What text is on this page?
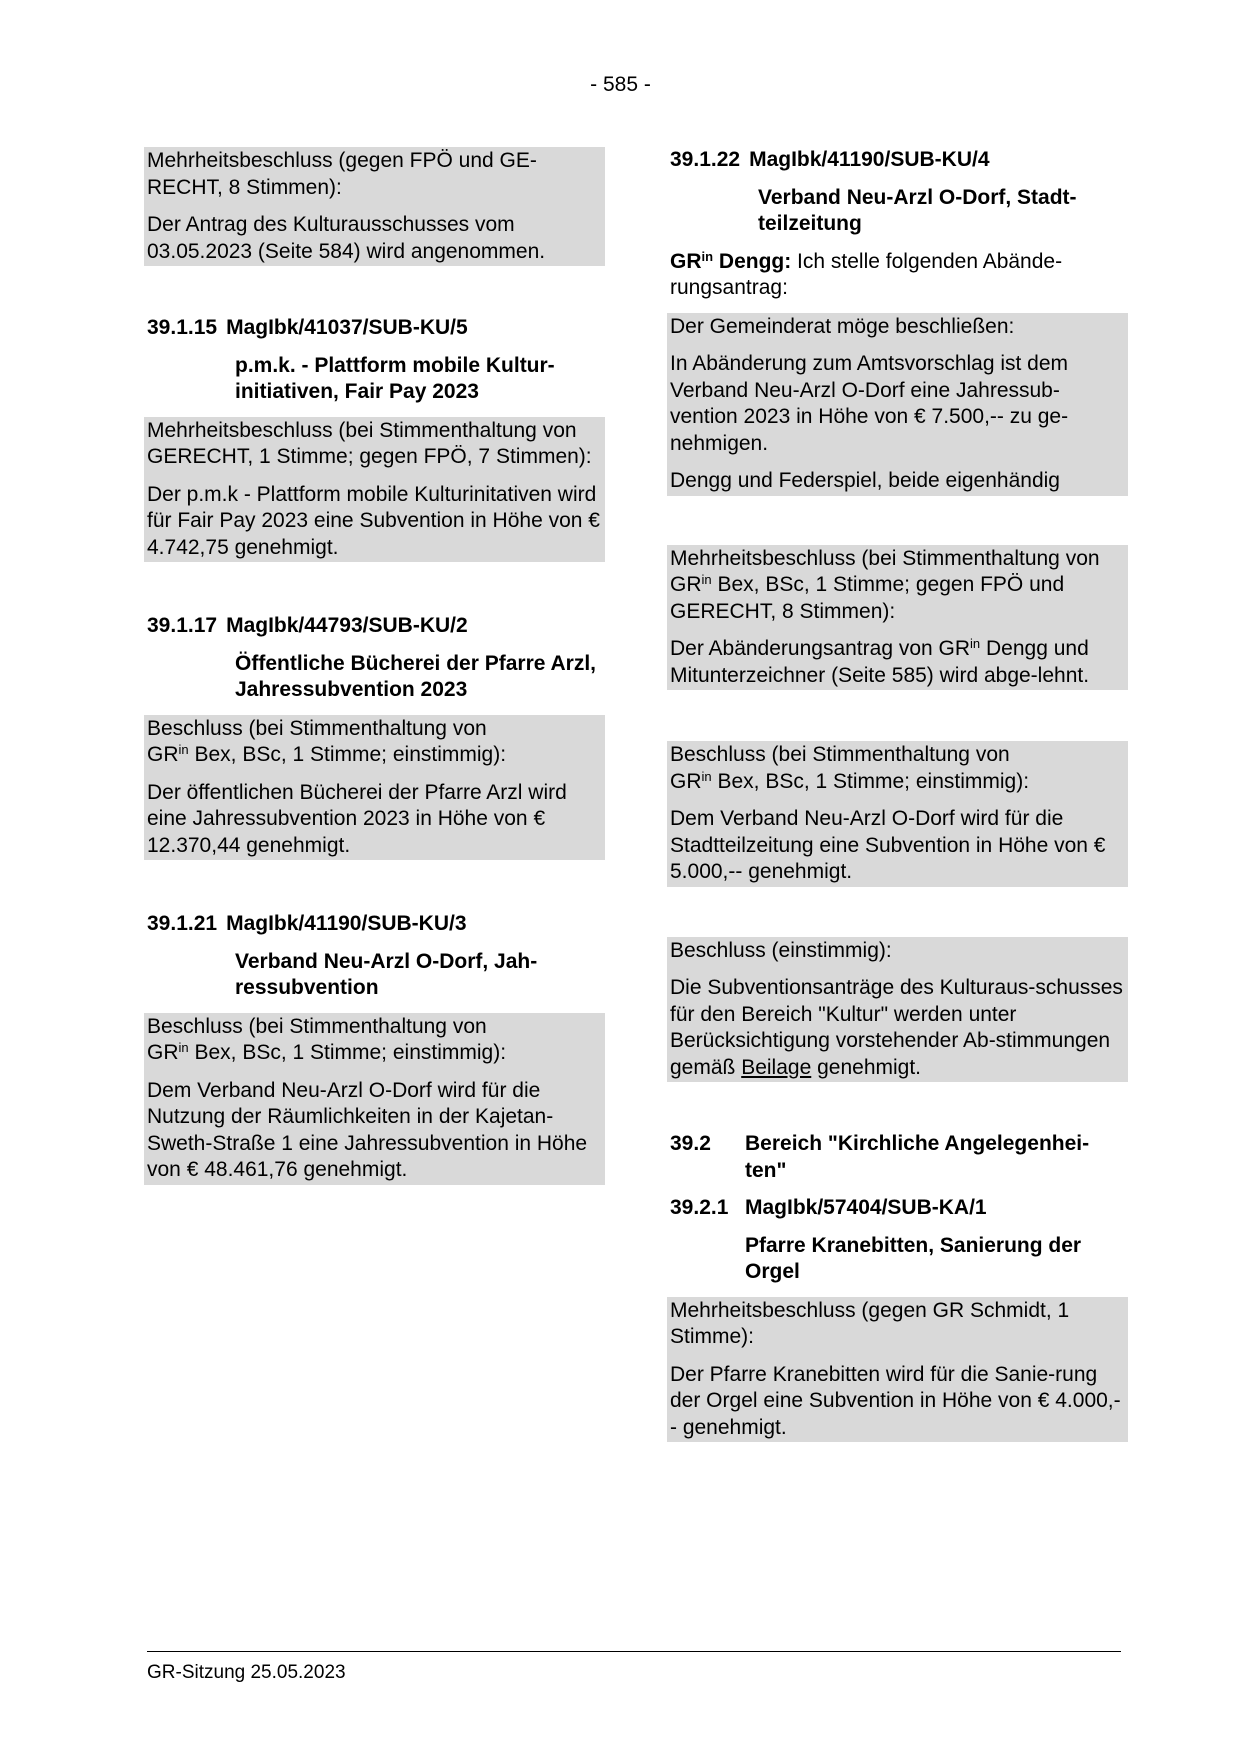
- 585 -

Mehrheitsbeschluss (gegen FPÖ und GE-RECHT, 8 Stimmen):

Der Antrag des Kulturausschusses vom 03.05.2023 (Seite 584) wird angenommen.

39.1.15 MagIbk/41037/SUB-KU/5
p.m.k. - Plattform mobile Kultur-initiativen, Fair Pay 2023

Mehrheitsbeschluss (bei Stimmenthaltung von GERECHT, 1 Stimme; gegen FPÖ, 7 Stimmen):

Der p.m.k - Plattform mobile Kulturinitativen wird für Fair Pay 2023 eine Subvention in Höhe von € 4.742,75 genehmigt.

39.1.17 MagIbk/44793/SUB-KU/2
Öffentliche Bücherei der Pfarre Arzl, Jahressubvention 2023

Beschluss (bei Stimmenthaltung von
$GR^{in}$ Bex, BSc, 1 Stimme; einstimmig):

Der öffentlichen Bücherei der Pfarre Arzl wird eine Jahressubvention 2023 in Höhe von € 12.370,44 genehmigt.

39.1.21 MagIbk/41190/SUB-KU/3
Verband Neu-Arzl O-Dorf, Jah-ressubvention

Beschluss (bei Stimmenthaltung von
$GR^{in}$ Bex, BSc, 1 Stimme; einstimmig):

Dem Verband Neu-Arzl O-Dorf wird für die Nutzung der Räumlichkeiten in der Kajetan-Sweth-Straße 1 eine Jahressubvention in Höhe von € 48.461,76 genehmigt.

39.1.22 MagIbk/41190/SUB-KU/4
Verband Neu-Arzl O-Dorf, Stadt-teilzeitung

$GR^{in}$ Dengg: Ich stelle folgenden Abände-rungsantrag:

Der Gemeinderat möge beschließen:

In Abänderung zum Amtsvorschlag ist dem Verband Neu-Arzl O-Dorf eine Jahressub-vention 2023 in Höhe von € 7.500,-- zu ge-nehmigen.

Dengg und Federspiel, beide eigenhändig

Mehrheitsbeschluss (bei Stimmenthaltung von
$GR^{in}$ Bex, BSc, 1 Stimme; gegen FPÖ und GERECHT, 8 Stimmen):

Der Abänderungsantrag von $GR^{in}$ Dengg und Mitunterzeichner (Seite 585) wird abge-lehnt.

Beschluss (bei Stimmenthaltung von
$GR^{in}$ Bex, BSc, 1 Stimme; einstimmig):

Dem Verband Neu-Arzl O-Dorf wird für die Stadtteilzeitung eine Subvention in Höhe von € 5.000,-- genehmigt.

Beschluss (einstimmig):

Die Subventionsanträge des Kulturaus-schusses für den Bereich "Kultur" werden unter Berücksichtigung vorstehender Ab-stimmungen gemäß Beilage genehmigt.

39.2	Bereich "Kirchliche Angelegenhei-ten"
39.2.1 MagIbk/57404/SUB-KA/1
Pfarre Kranebitten, Sanierung der Orgel

Mehrheitsbeschluss (gegen GR Schmidt, 1 Stimme):

Der Pfarre Kranebitten wird für die Sanie-rung der Orgel eine Subvention in Höhe von € 4.000,-- genehmigt.

GR-Sitzung 25.05.2023
